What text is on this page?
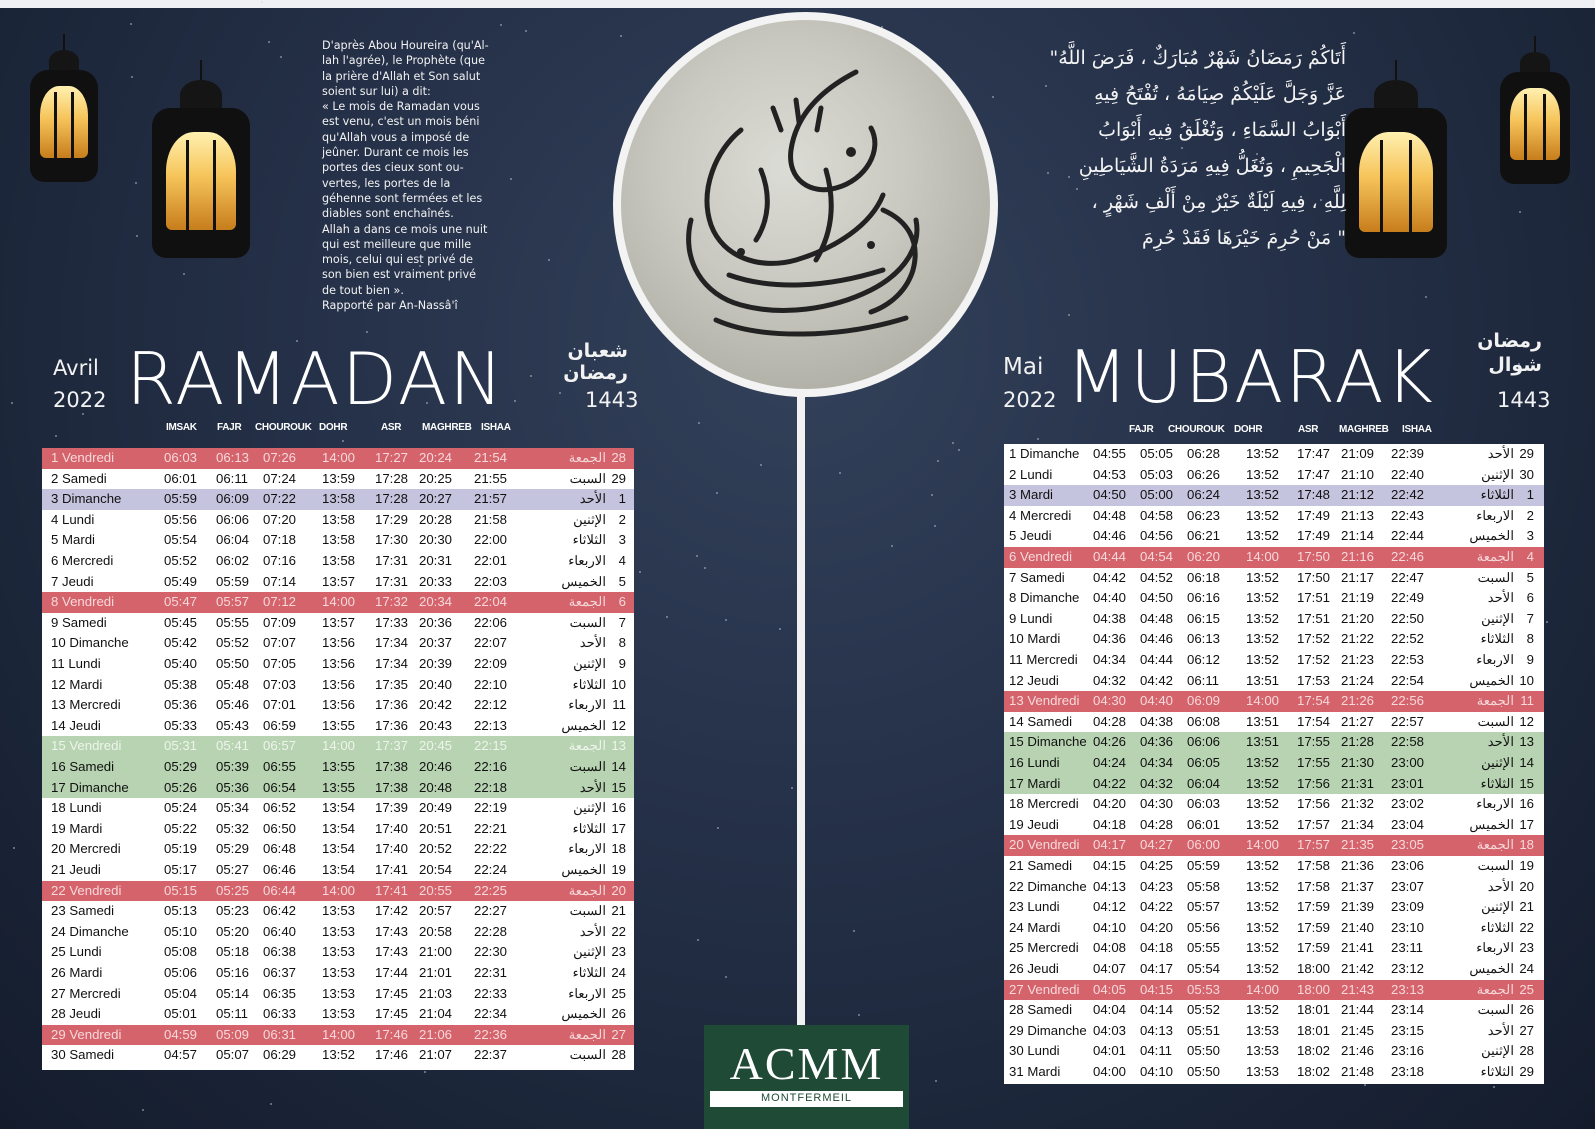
D'après Abou Houreira (qu'Al-

lah l'agrée), le Prophète (que

la prière d'Allah et Son salut

soient sur lui) a dit:

« Le mois de Ramadan vous

est venu, c'est un mois béni

qu'Allah vous a imposé de

jeûner. Durant ce mois les

portes des cieux sont ou-

vertes, les portes de la

géhenne sont fermées et les

diables sont enchaînés.

Allah a dans ce mois une nuit

qui est meilleure que mille

mois, celui qui est privé de

son bien est vraiment privé

de tout bien ».

Rapporté par An-Nassâ'î

أَتَاكُمْ رَمَضَانُ شَهْرٌ مُبَارَكٌ ، فَرَضَ اللَّهُ"
عَزَّ وَجَلَّ عَلَيْكُمْ صِيَامَهُ ، تُفْتَحُ فِيهِ
أَبْوَابُ السَّمَاءِ ، وَتُغْلَقُ فِيهِ أَبْوَابُ
الْجَحِيمِ ، وَتُغَلُّ فِيهِ مَرَدَةُ الشَّيَاطِينِ
لِلَّهِ ، فِيهِ لَيْلَةٌ خَيْرٌ مِنْ أَلْفِ شَهْرٍ ،
" مَنْ حُرِمَ خَيْرَهَا فَقَدْ حُرِمَ
Avril
2022 RAMADAN	شعبان
رمضان
1443
Mai
2022 MUBARAK رمضان
شوال
1443
IMSAK FAJR CHOUROUK DOHR	ASR MAGHREB ISHAA	FAJR CHOUROUK DOHR	ASR MAGHREB ISHAA
1 Vendredi	06:03 06:13 07:26 14:00 17:27 20:24 21:54	الجمعة 28
2 Samedi	06:01 06:11 07:24 13:59 17:28 20:25 21:55	السبت 29
3 Dimanche	05:59 06:09 07:22 13:58 17:28 20:27 21:57	الأحد 1
4 Lundi	05:56 06:06 07:20 13:58 17:29 20:28 21:58	الإثنين 2
5 Mardi	05:54 06:04 07:18 13:58 17:30 20:30 22:00	الثلاثاء 3
6 Mercredi	05:52 06:02 07:16 13:58 17:31 20:31 22:01	الاربعاء 4
7 Jeudi	05:49 05:59 07:14 13:57 17:31 20:33 22:03	الخميس 5
8 Vendredi	05:47 05:57 07:12 14:00 17:32 20:34 22:04	الجمعة 6
9 Samedi	05:45 05:55 07:09 13:57 17:33 20:36 22:06	السبت 7
10 Dimanche	05:42 05:52 07:07 13:56 17:34 20:37 22:07	الأحد 8
11 Lundi	05:40 05:50 07:05 13:56 17:34 20:39 22:09	الإثنين 9
12 Mardi	05:38 05:48 07:03 13:56 17:35 20:40 22:10	الثلاثاء 10
13 Mercredi	05:36 05:46 07:01 13:56 17:36 20:42 22:12	الاربعاء 11
14 Jeudi	05:33 05:43 06:59 13:55 17:36 20:43 22:13	الخميس 12
15 Vendredi	05:31 05:41 06:57 14:00 17:37 20:45 22:15	الجمعة 13
16 Samedi	05:29 05:39 06:55 13:55 17:38 20:46 22:16	السبت 14
17 Dimanche	05:26 05:36 06:54 13:55 17:38 20:48 22:18	الأحد 15
18 Lundi	05:24 05:34 06:52 13:54 17:39 20:49 22:19	الإثنين 16
19 Mardi	05:22 05:32 06:50 13:54 17:40 20:51 22:21	الثلاثاء 17
20 Mercredi	05:19 05:29 06:48 13:54 17:40 20:52 22:22	الاربعاء 18
21 Jeudi	05:17 05:27 06:46 13:54 17:41 20:54 22:24	الخميس 19
22 Vendredi	05:15 05:25 06:44 14:00 17:41 20:55 22:25	الجمعة 20
23 Samedi	05:13 05:23 06:42 13:53 17:42 20:57 22:27	السبت 21
24 Dimanche	05:10 05:20 06:40 13:53 17:43 20:58 22:28	الأحد 22
25 Lundi	05:08 05:18 06:38 13:53 17:43 21:00 22:30	الإثنين 23
26 Mardi	05:06 05:16 06:37 13:53 17:44 21:01 22:31	الثلاثاء 24
27 Mercredi	05:04 05:14 06:35 13:53 17:45 21:03 22:33	الاربعاء 25
28 Jeudi	05:01 05:11 06:33 13:53 17:45 21:04 22:34	الخميس 26
29 Vendredi	04:59 05:09 06:31 14:00 17:46 21:06 22:36	الجمعة 27
30 Samedi	04:57 05:07 06:29 13:52 17:46 21:07 22:37	السبت 28
1 Dimanche 04:55 05:05 06:28 13:52 17:47 21:09 22:39	الأحد 29
2 Lundi	04:53 05:03 06:26 13:52 17:47 21:10 22:40	الإثنين 30
3 Mardi	04:50 05:00 06:24 13:52 17:48 21:12 22:42	الثلاثاء 1
4 Mercredi 04:48 04:58 06:23 13:52 17:49 21:13 22:43	الاربعاء 2
5 Jeudi	04:46 04:56 06:21 13:52 17:49 21:14 22:44	الخميس 3
6 Vendredi 04:44 04:54 06:20 14:00 17:50 21:16 22:46	الجمعة 4
7 Samedi 04:42 04:52 06:18 13:52 17:50 21:17 22:47	السبت 5
8 Dimanche 04:40 04:50 06:16 13:52 17:51 21:19 22:49	الأحد 6
9 Lundi	04:38 04:48 06:15 13:52 17:51 21:20 22:50	الإثنين 7
10 Mardi 04:36 04:46 06:13 13:52 17:52 21:22 22:52	الثلاثاء 8
11 Mercredi 04:34 04:44 06:12 13:52 17:52 21:23 22:53	الاربعاء 9
12 Jeudi	04:32 04:42 06:11 13:51 17:53 21:24 22:54	الخميس 10
13 Vendredi 04:30 04:40 06:09 14:00 17:54 21:26 22:56	الجمعة 11
14 Samedi 04:28 04:38 06:08 13:51 17:54 21:27 22:57	السبت 12
15 Dimanche 04:26 04:36 06:06 13:51 17:55 21:28 22:58	الأحد 13
16 Lundi	04:24 04:34 06:05 13:52 17:55 21:30 23:00	الإثنين 14
17 Mardi 04:22 04:32 06:04 13:52 17:56 21:31 23:01	الثلاثاء 15
18 Mercredi 04:20 04:30 06:03 13:52 17:56 21:32 23:02	الاربعاء 16
19 Jeudi	04:18 04:28 06:01 13:52 17:57 21:34 23:04	الخميس 17
20 Vendredi 04:17 04:27 06:00 14:00 17:57 21:35 23:05	الجمعة 18
21 Samedi 04:15 04:25 05:59 13:52 17:58 21:36 23:06	السبت 19
22 Dimanche 04:13 04:23 05:58 13:52 17:58 21:37 23:07	الأحد 20
23 Lundi	04:12 04:22 05:57 13:52 17:59 21:39 23:09	الإثنين 21
24 Mardi 04:10 04:20 05:56 13:52 17:59 21:40 23:10	الثلاثاء 22
25 Mercredi 04:08 04:18 05:55 13:52 17:59 21:41 23:11	الاربعاء 23
26 Jeudi	04:07 04:17 05:54 13:52 18:00 21:42 23:12	الخميس 24
27 Vendredi 04:05 04:15 05:53 14:00 18:00 21:43 23:13	الجمعة 25
28 Samedi 04:04 04:14 05:52 13:52 18:01 21:44 23:14	السبت 26
29 Dimanche 04:03 04:13 05:51 13:53 18:01 21:45 23:15	الأحد 27
30 Lundi	04:01 04:11 05:50 13:53 18:02 21:46 23:16	الإثنين 28
31 Mardi 04:00 04:10 05:50 13:53 18:02 21:48 23:18	الثلاثاء 29
ACMM
MONTFERMEIL
